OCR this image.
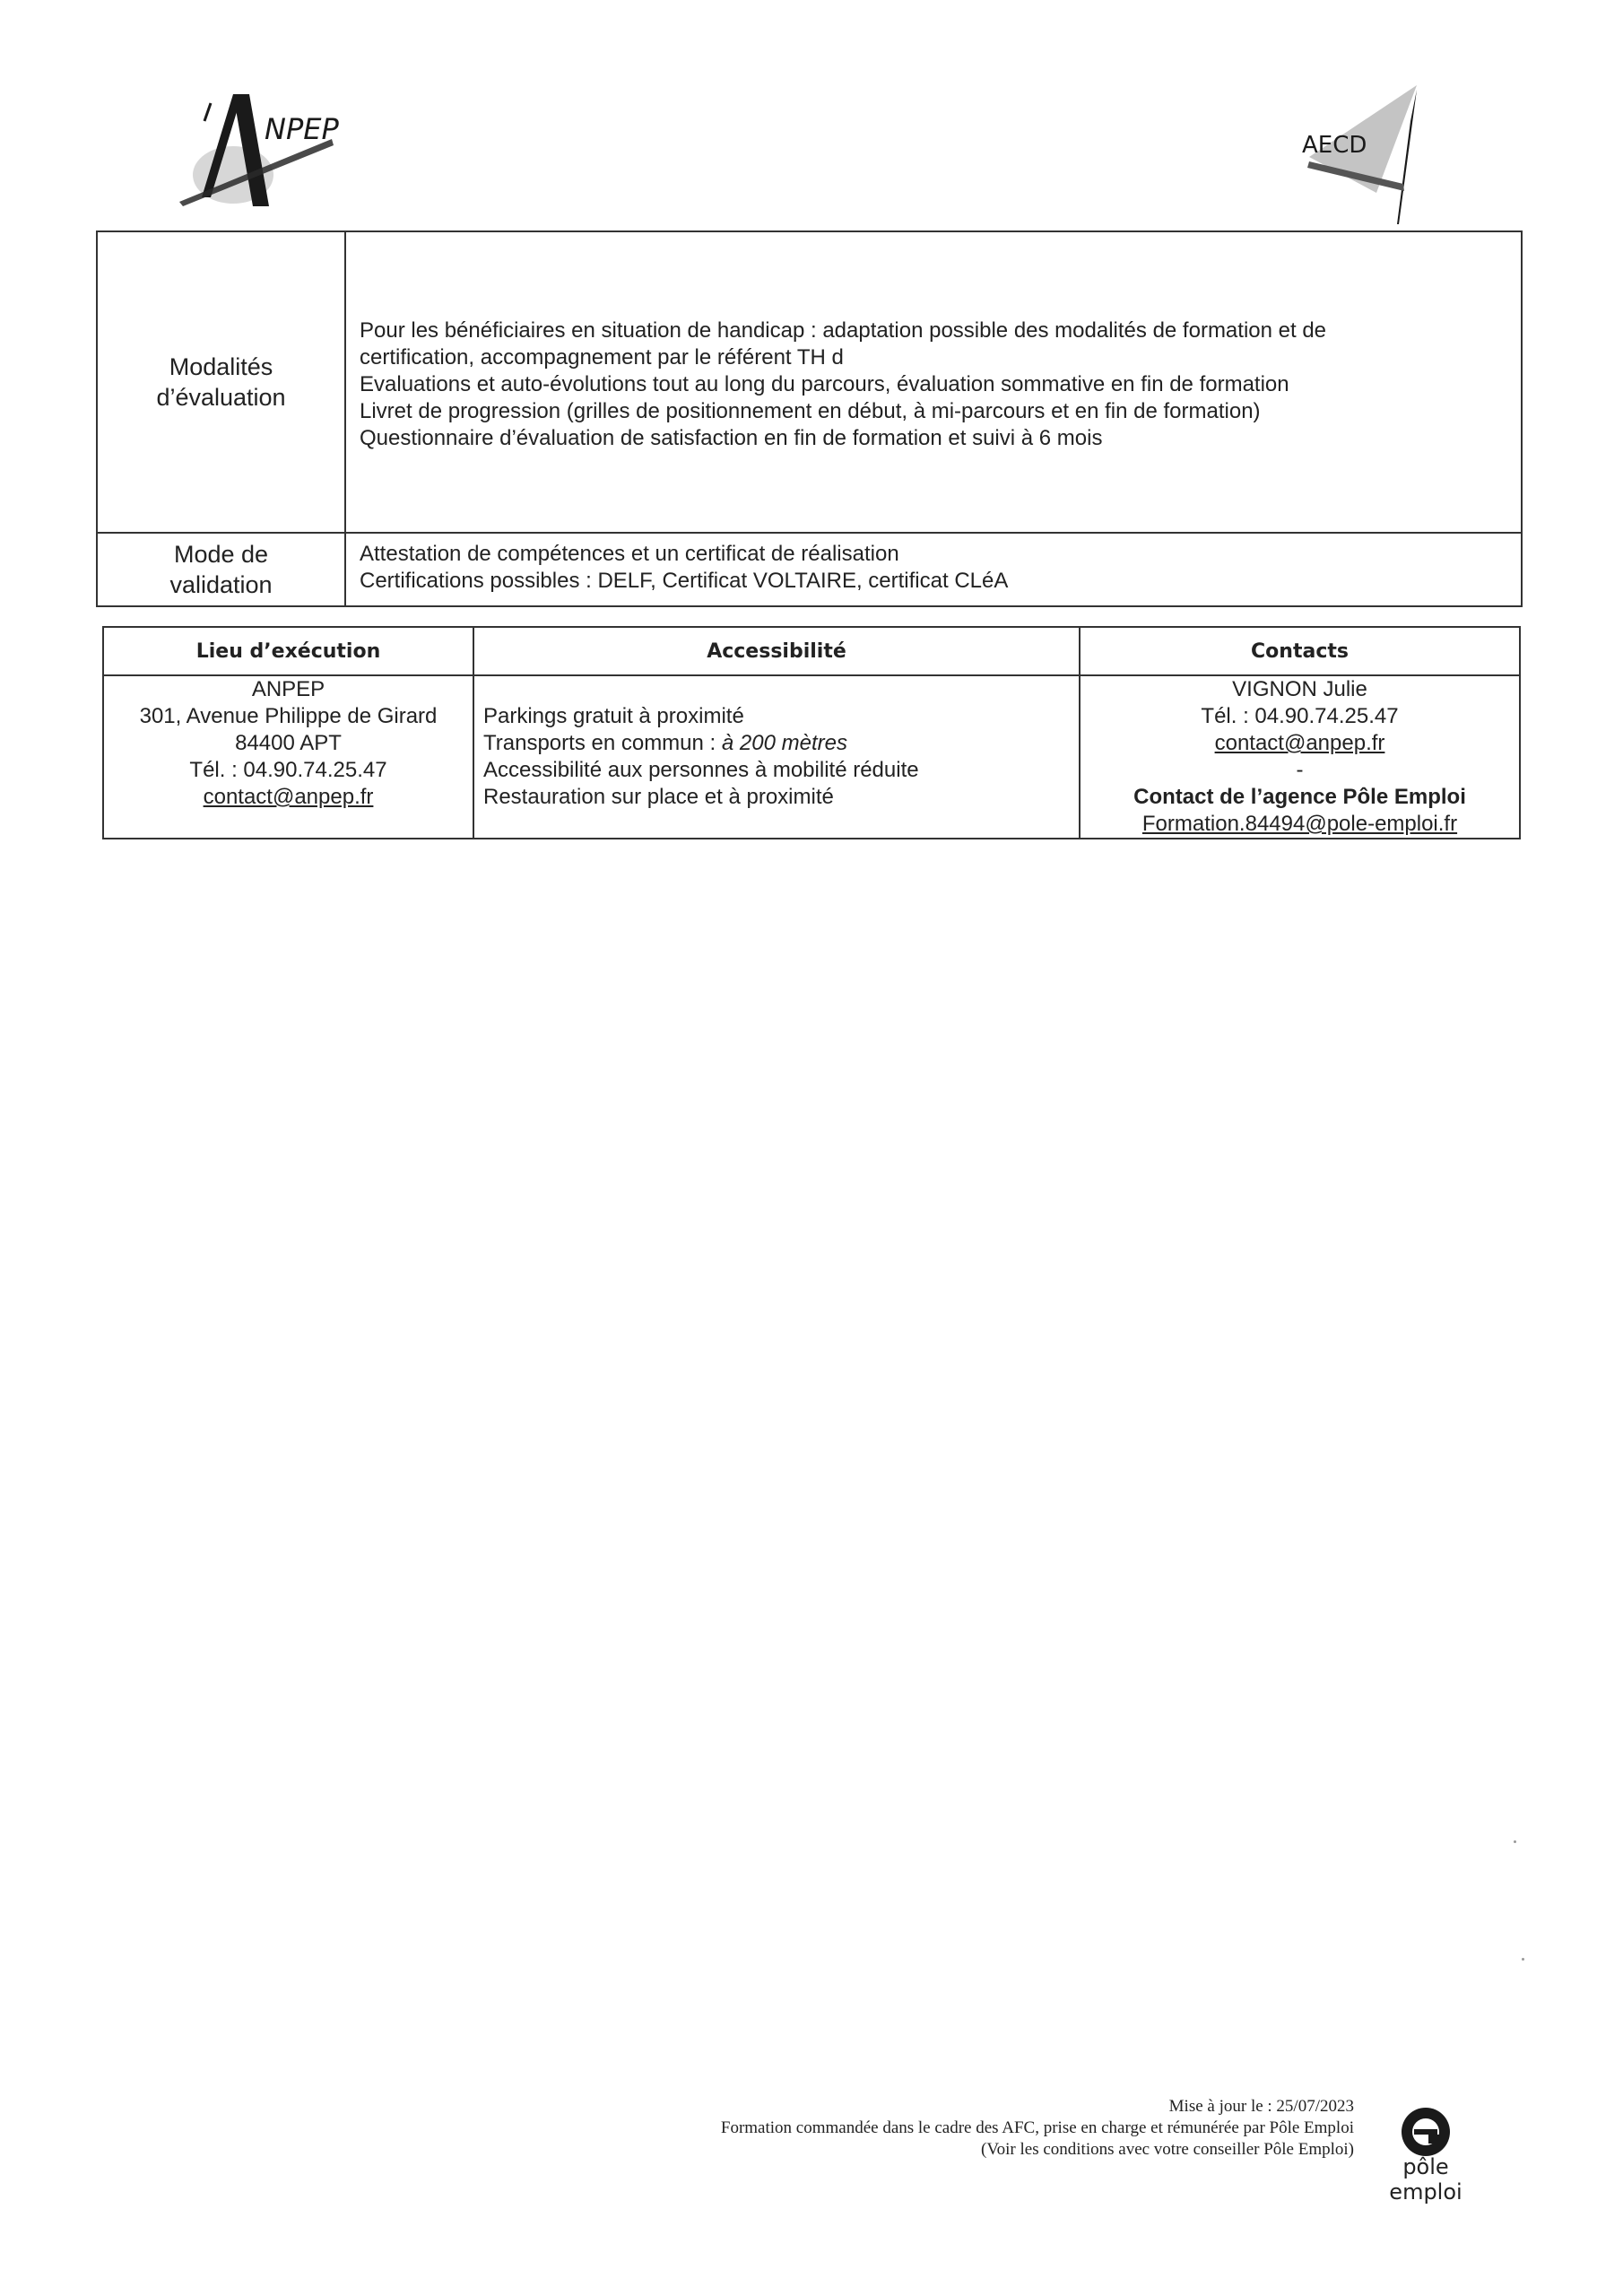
NPEP	AECD
Modalités
d’évaluation
Pour les bénéficiaires en situation de handicap : adaptation possible des modalités de formation et de
certification, accompagnement par le référent TH d
Evaluations et auto-évolutions tout au long du parcours, évaluation sommative en fin de formation
Livret de progression (grilles de positionnement en début, à mi-parcours et en fin de formation)
Questionnaire d’évaluation de satisfaction en fin de formation et suivi à 6 mois
Mode de
validation
Attestation de compétences et un certificat de réalisation
Certifications possibles : DELF, Certificat VOLTAIRE, certificat CLéA
Lieu d’exécution
ANPEP
301, Avenue Philippe de Girard
84400 APT
Tél. : 04.90.74.25.47
contact@anpep.fr
Accessibilité
Parkings gratuit à proximité
Transports en commun : à 200 mètres
Accessibilité aux personnes à mobilité réduite
Restauration sur place et à proximité
Contacts
VIGNON Julie
Tél. : 04.90.74.25.47
contact@anpep.fr
-
Contact de l’agence Pôle Emploi
Formation.84494@pole-emploi.fr
Mise à jour le : 25/07/2023
Formation commandée dans le cadre des AFC, prise en charge et rémunérée par Pôle Emploi
(Voir les conditions avec votre conseiller Pôle Emploi)
pôle emploi
